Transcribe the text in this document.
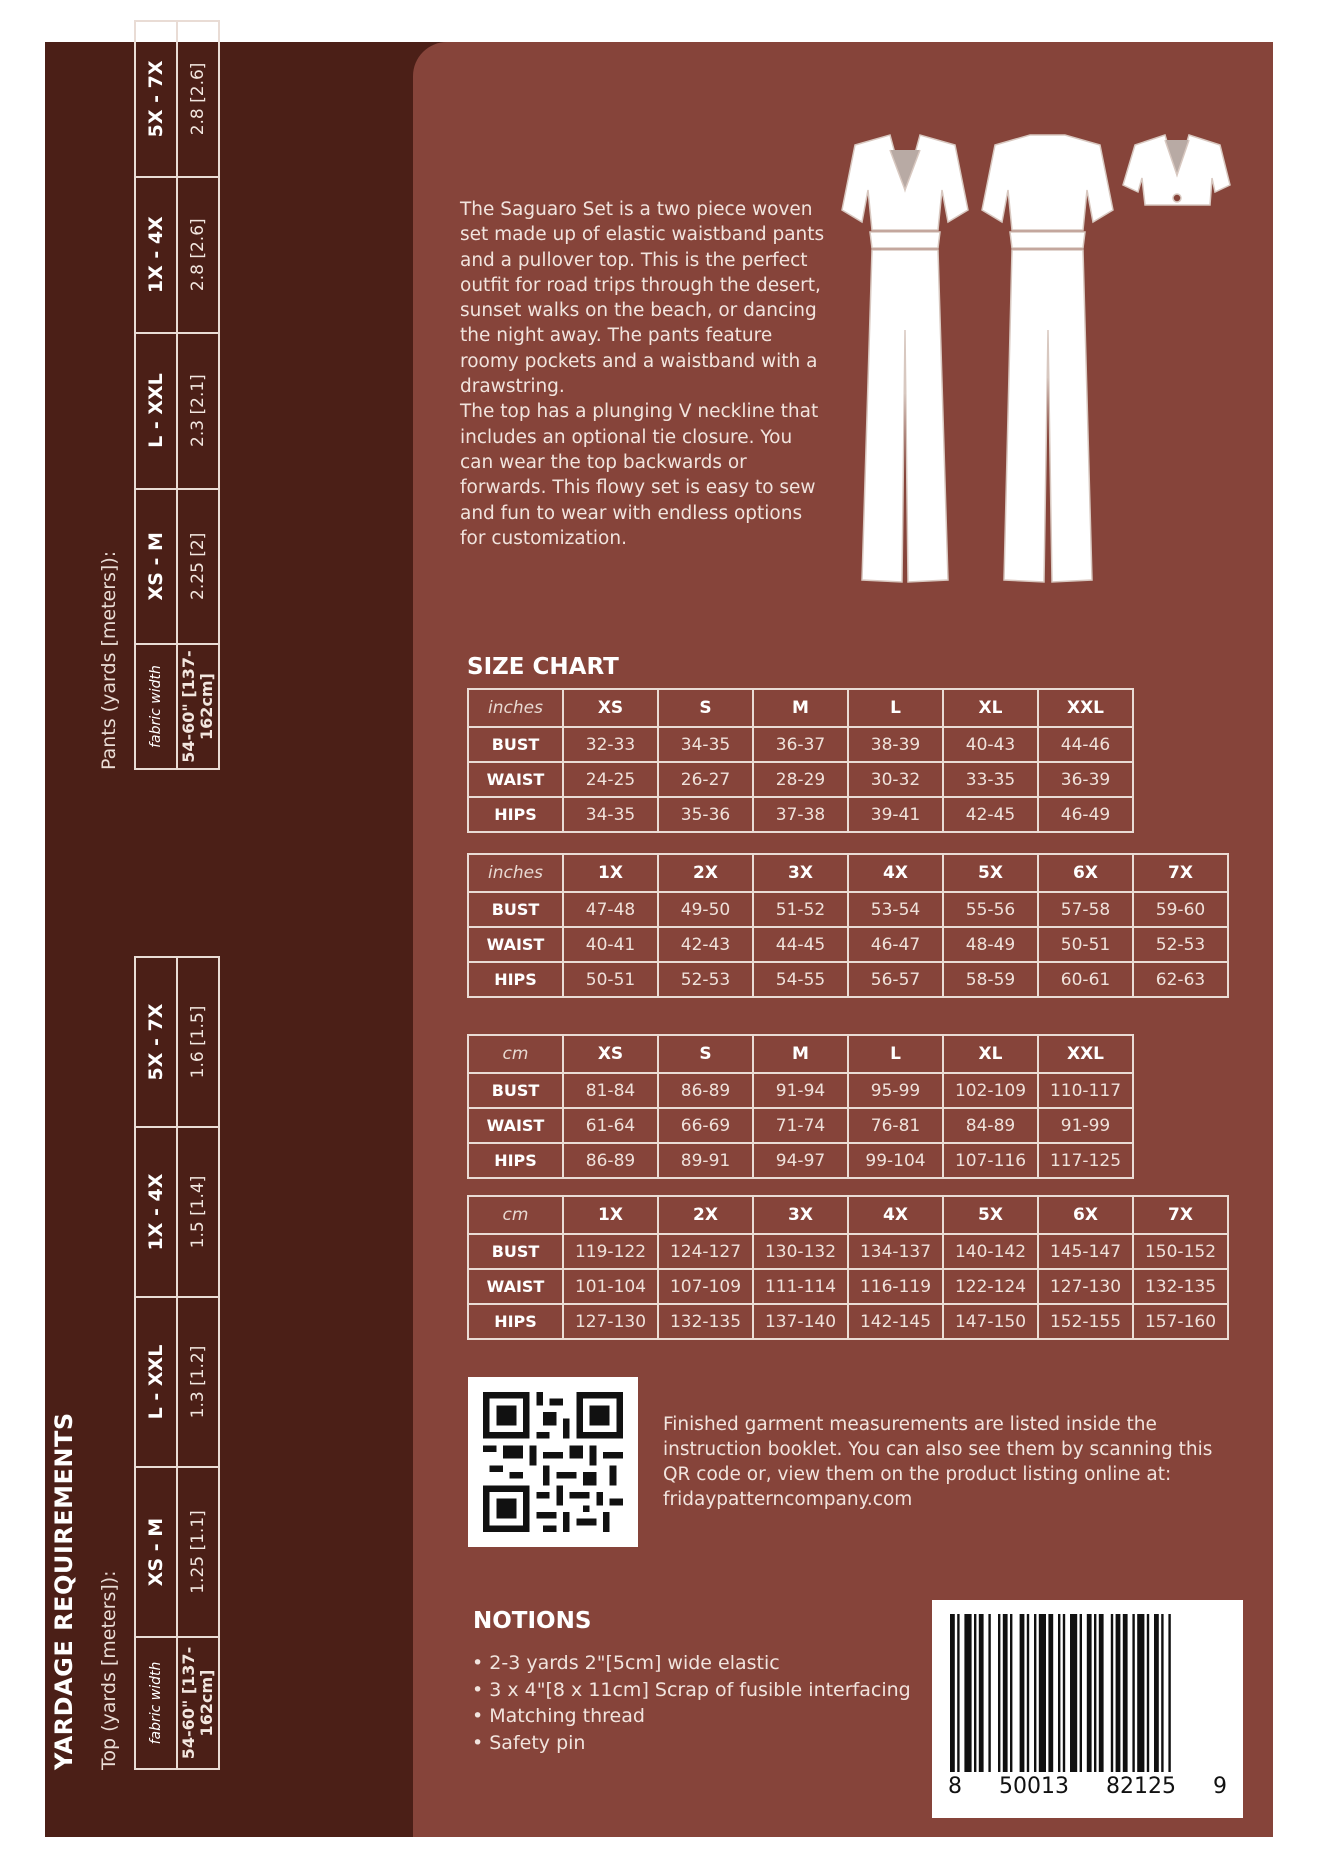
YARDAGE REQUIREMENTS Top (yards [meters]): fabric width	XS - M	L - XXL	1X - 4X	5X - 7X
54-60" [137-162cm]	1.25 [1.1]	1.3 [1.2]	1.5 [1.4]	1.6 [1.5]
Pants (yards [meters]): fabric width	XS - M	L - XXL	1X - 4X	5X - 7X
54-60" [137-162cm]	2.25 [2]	2.3 [2.1]	2.8 [2.6]	2.8 [2.6]

The Saguaro Set is a two piece woven set made up of elastic waistband pants and a pullover top. This is the perfect outfit for road trips through the desert, sunset walks on the beach, or dancing the night away. The pants feature roomy pockets and a waistband with a drawstring.

The top has a plunging V neckline that includes an optional tie closure. You can wear the top backwards or forwards. This flowy set is easy to sew and fun to wear with endless options for customization.

SIZE CHART
inches	XS	S	M	L	XL	XXL
BUST	32-33	34-35	36-37	38-39	40-43	44-46
WAIST	24-25	26-27	28-29	30-32	33-35	36-39
HIPS	34-35	35-36	37-38	39-41	42-45	46-49
inches	1X	2X	3X	4X	5X	6X	7X
BUST	47-48	49-50	51-52	53-54	55-56	57-58	59-60
WAIST	40-41	42-43	44-45	46-47	48-49	50-51	52-53
HIPS	50-51	52-53	54-55	56-57	58-59	60-61	62-63
cm	XS	S	M	L	XL	XXL
BUST	81-84	86-89	91-94	95-99	102-109	110-117
WAIST	61-64	66-69	71-74	76-81	84-89	91-99
HIPS	86-89	89-91	94-97	99-104	107-116	117-125
cm	1X	2X	3X	4X	5X	6X	7X
BUST	119-122	124-127	130-132	134-137	140-142	145-147	150-152
WAIST	101-104	107-109	111-114	116-119	122-124	127-130	132-135
HIPS	127-130	132-135	137-140	142-145	147-150	152-155	157-160

Finished garment measurements are listed inside the instruction booklet. You can also see them by scanning this QR code or, view them on the product listing online at: fridaypatterncompany.com

NOTIONS
• 2-3 yards 2"[5cm] wide elastic
• 3 x 4"[8 x 11cm] Scrap of fusible interfacing
• Matching thread
• Safety pin
8 50013 82125 9
